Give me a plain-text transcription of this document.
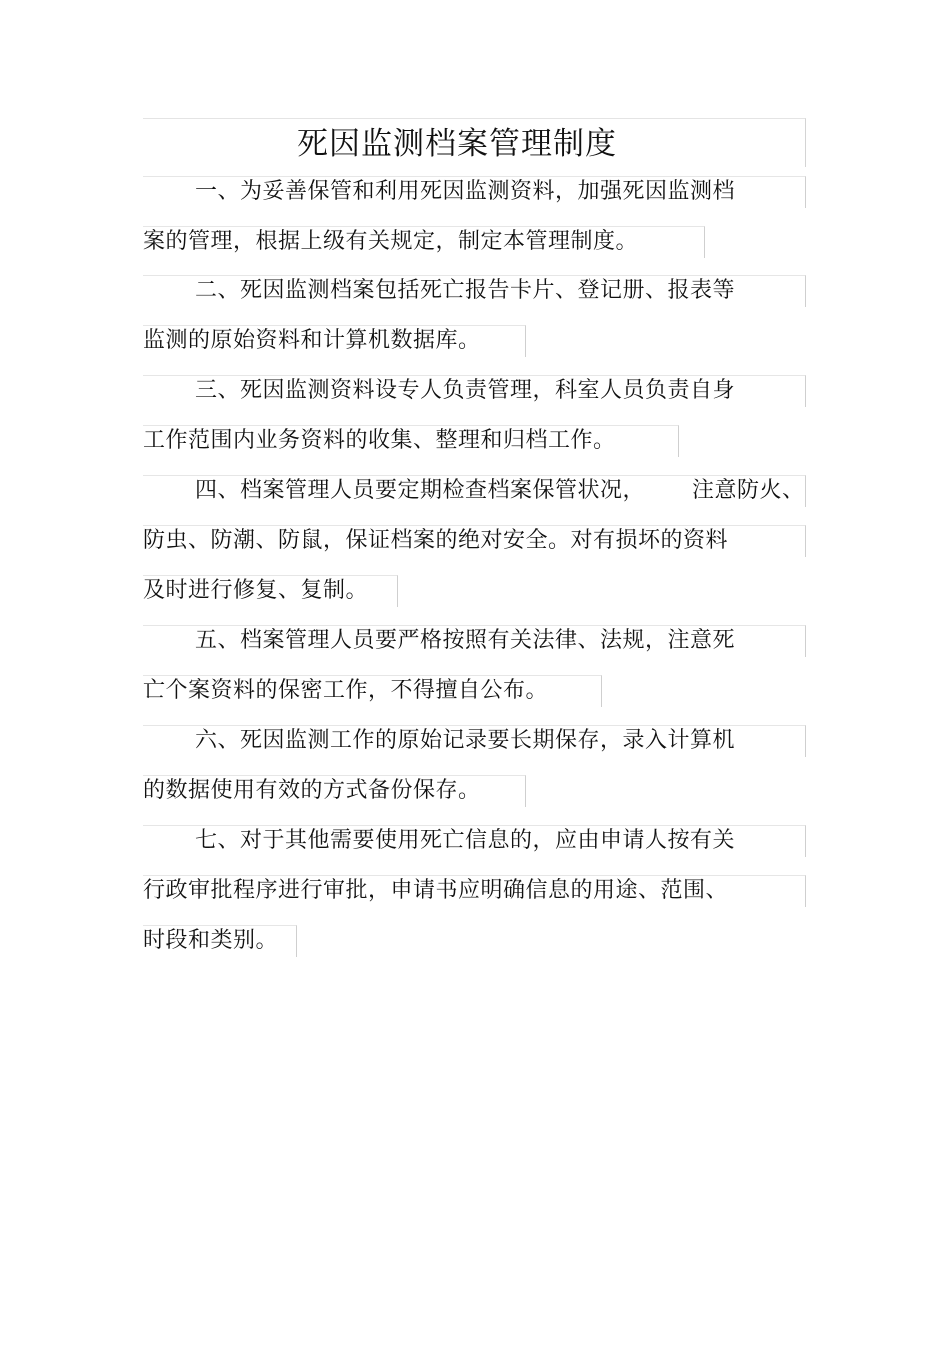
死因监测档案管理制度
一、为妥善保管和利用死因监测资料，加强死因监测档
案的管理，根据上级有关规定，制定本管理制度。
二、死因监测档案包括死亡报告卡片、登记册、报表等
监测的原始资料和计算机数据库。
三、死因监测资料设专人负责管理，科室人员负责自身
工作范围内业务资料的收集、整理和归档工作。
四、档案管理人员要定期检查档案保管状况， 注意防火、
防虫、防潮、防鼠，保证档案的绝对安全。对有损坏的资料
及时进行修复、复制。
五、档案管理人员要严格按照有关法律、法规，注意死
亡个案资料的保密工作，不得擅自公布。
六、死因监测工作的原始记录要长期保存，录入计算机
的数据使用有效的方式备份保存。
七、对于其他需要使用死亡信息的，应由申请人按有关
行政审批程序进行审批，申请书应明确信息的用途、范围、
时段和类别。
